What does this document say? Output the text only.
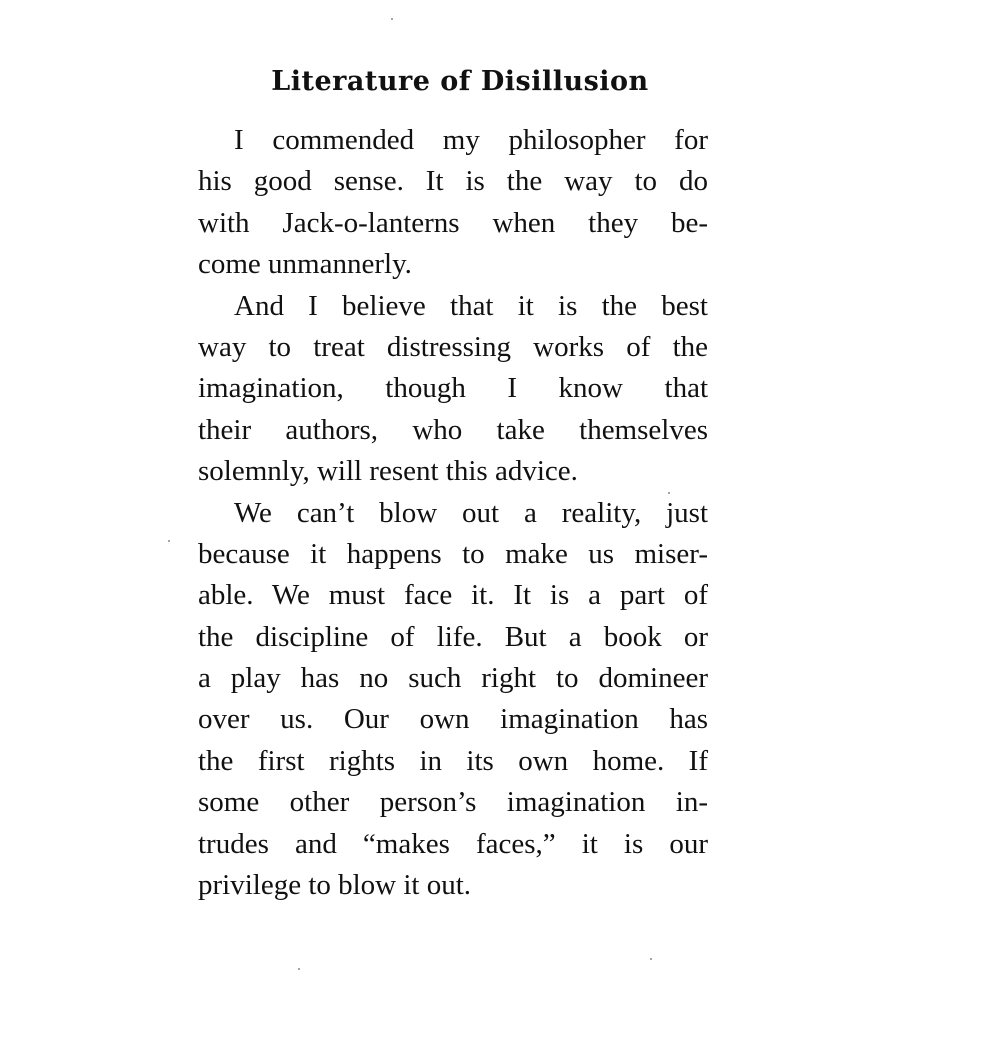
Literature of Disillusion
I commended my philosopher for
his good sense. It is the way to do
with Jack-o-lanterns when they be-
come unmannerly.
And I believe that it is the best
way to treat distressing works of the
imagination, though I know that
their authors, who take themselves
solemnly, will resent this advice.
We can’t blow out a reality, just
because it happens to make us miser-
able. We must face it. It is a part of
the discipline of life. But a book or
a play has no such right to domineer
over us. Our own imagination has
the first rights in its own home. If
some other person’s imagination in-
trudes and “makes faces,” it is our
privilege to blow it out.
